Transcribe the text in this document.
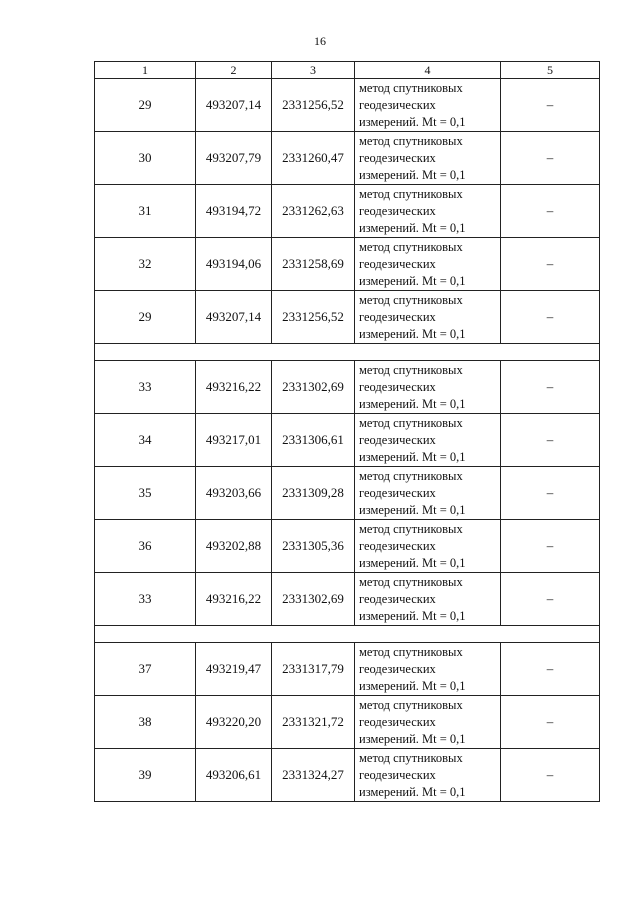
16
1	2	3	4	5
29	493207,14	2331256,52	метод спутниковых
геодезических
измерений. Mt = 0,1	–
30	493207,79	2331260,47	метод спутниковых
геодезических
измерений. Mt = 0,1	–
31	493194,72	2331262,63	метод спутниковых
геодезических
измерений. Mt = 0,1	–
32	493194,06	2331258,69	метод спутниковых
геодезических
измерений. Mt = 0,1	–
29	493207,14	2331256,52	метод спутниковых
геодезических
измерений. Mt = 0,1	–

33	493216,22	2331302,69	метод спутниковых
геодезических
измерений. Mt = 0,1	–
34	493217,01	2331306,61	метод спутниковых
геодезических
измерений. Mt = 0,1	–
35	493203,66	2331309,28	метод спутниковых
геодезических
измерений. Mt = 0,1	–
36	493202,88	2331305,36	метод спутниковых
геодезических
измерений. Mt = 0,1	–
33	493216,22	2331302,69	метод спутниковых
геодезических
измерений. Mt = 0,1	–

37	493219,47	2331317,79	метод спутниковых
геодезических
измерений. Mt = 0,1	–
38	493220,20	2331321,72	метод спутниковых
геодезических
измерений. Mt = 0,1	–
39	493206,61	2331324,27	метод спутниковых
геодезических
измерений. Mt = 0,1	–
